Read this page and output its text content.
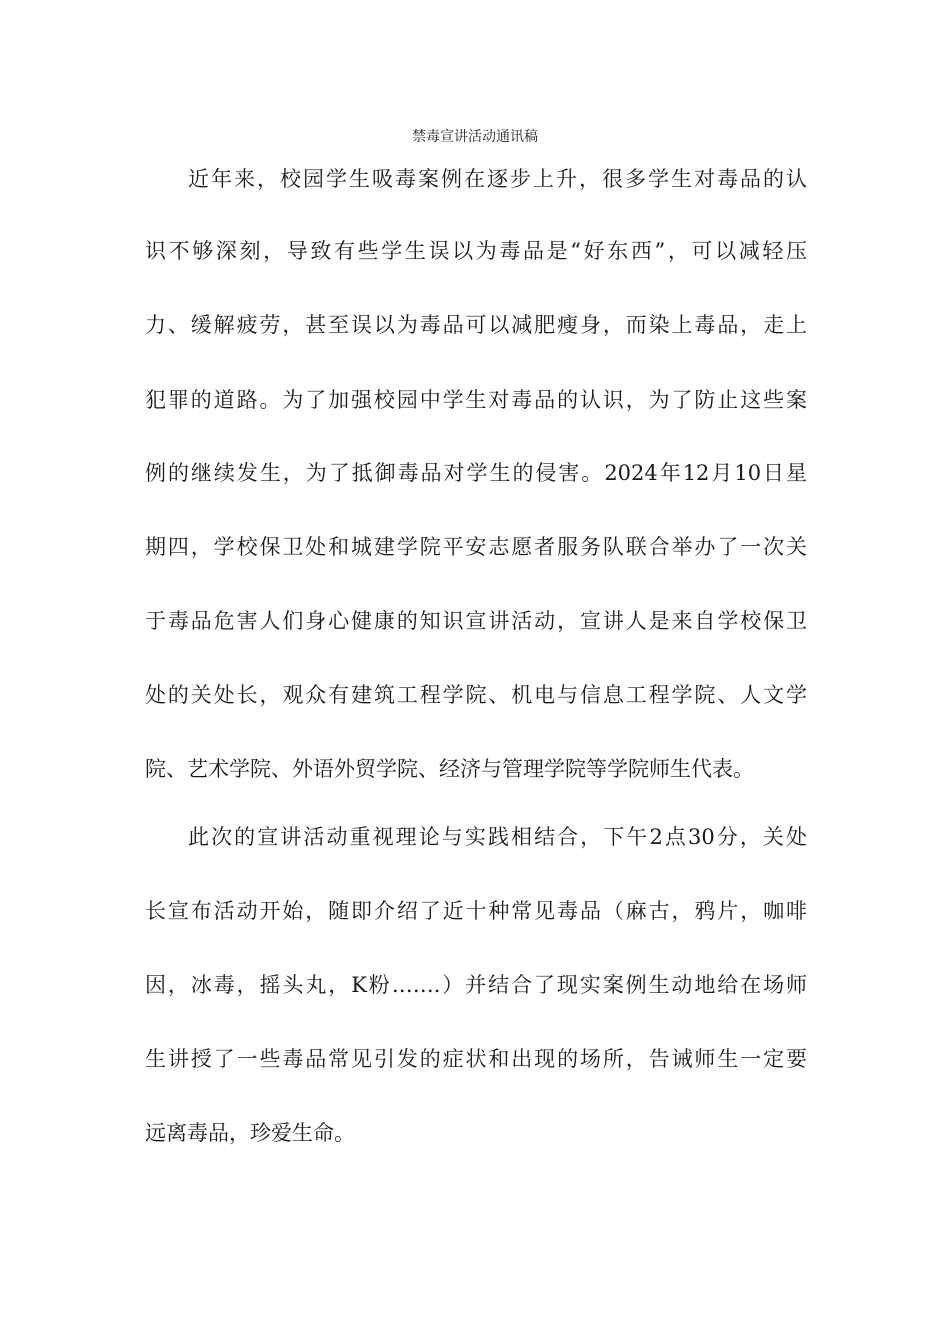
禁毒宣讲活动通讯稿
近年来，校园学生吸毒案例在逐步上升，很多学生对毒品的认
识不够深刻，导致有些学生误以为毒品是“好东西”，可以减轻压
力、缓解疲劳，甚至误以为毒品可以减肥瘦身，而染上毒品，走上
犯罪的道路。为了加强校园中学生对毒品的认识，为了防止这些案
例的继续发生，为了抵御毒品对学生的侵害。2024年12月10日星
期四，学校保卫处和城建学院平安志愿者服务队联合举办了一次关
于毒品危害人们身心健康的知识宣讲活动，宣讲人是来自学校保卫
处的关处长，观众有建筑工程学院、机电与信息工程学院、人文学
院、艺术学院、外语外贸学院、经济与管理学院等学院师生代表。
此次的宣讲活动重视理论与实践相结合，下午2点30分，关处
长宣布活动开始，随即介绍了近十种常见毒品（麻古，鸦片，咖啡
因，冰毒，摇头丸，K粉…….）并结合了现实案例生动地给在场师
生讲授了一些毒品常见引发的症状和出现的场所，告诫师生一定要
远离毒品，珍爱生命。
